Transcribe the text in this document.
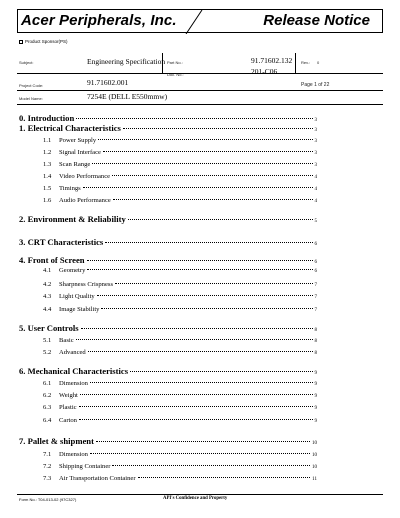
Acer Peripherals, Inc.	Release Notice
Product Sponsor(PS)
Subject:	Engineering Specification Part No.:	91.71602.132 Rev.: 0
Doc. No.:	201-C06
Project Code:	91.71602.001	Page 1 of 22
Model Name:	7254E (DELL E550mmw)
0. Introduction	3
1. Electrical Characteristics	3
1.1 Power Supply	3
1.2 Signal Interface	3
1.3 Scan Range	3
1.4 Video Performance	4
1.5 Timings	4
1.6 Audio Performance	4
2. Environment & Reliability	5
3. CRT Characteristics	6
4. Front of Screen	6
4.1 Geometry	6
4.2 Sharpness Crispness	7
4.3 Light Quality	7
4.4 Image Stability	7
5. User Controls	8
5.1 Basic	8
5.2 Advanced	8
6. Mechanical Characteristics	9
6.1 Dimension	9
6.2 Weight	9
6.3 Plastic	9
6.4 Carton	9
7. Pallet & shipment	10
7.1 Dimension	10
7.2 Shipping Container	10
7.3 Air Transportation Container	11
Form No.: T04-013-02 (97C327)	API's Confidence and Property
